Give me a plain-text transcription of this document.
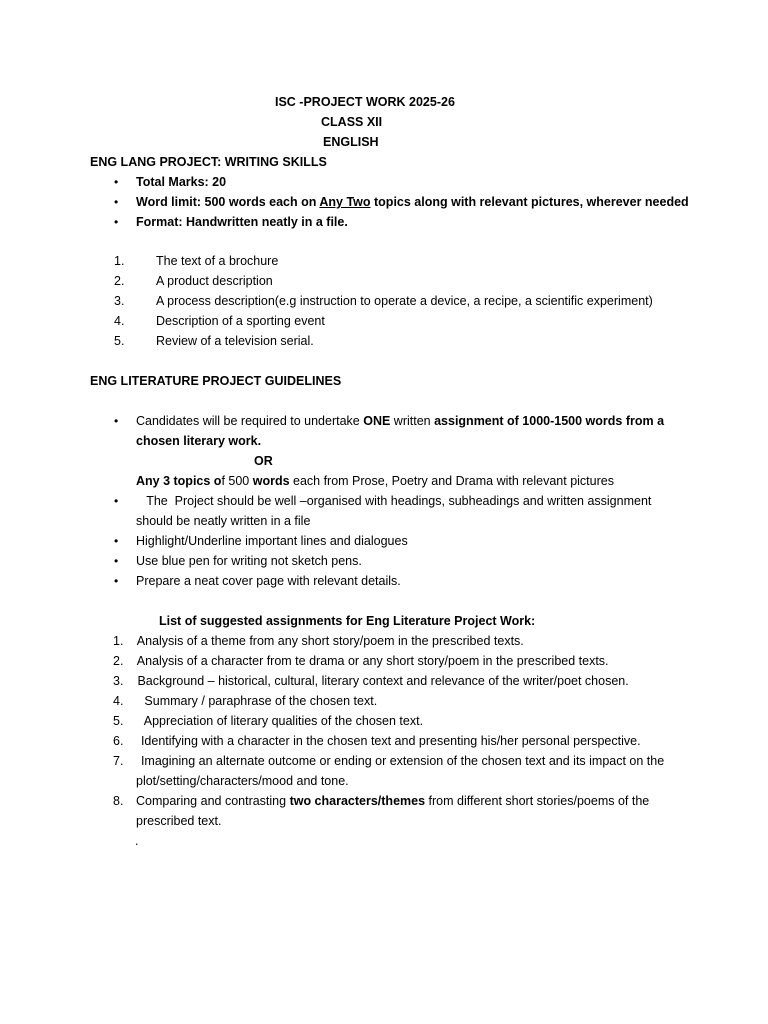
ISC -PROJECT WORK 2025-26
CLASS XII
ENGLISH
ENG LANG PROJECT: WRITING SKILLS
• Total Marks: 20
• Word limit: 500 words each on Any Two topics along with relevant pictures, wherever needed
• Format: Handwritten neatly in a file.
1.	The text of a brochure
2.	A product description
3.	A process description(e.g instruction to operate a device, a recipe, a scientific experiment)
4.	Description of a sporting event
5.	Review of a television serial.
ENG LITERATURE PROJECT GUIDELINES
• Candidates will be required to undertake ONE written assignment of 1000-1500 words from a
chosen literary work.
OR
Any 3 topics of 500 words each from Prose, Poetry and Drama with relevant pictures
• The  Project should be well –organised with headings, subheadings and written assignment
should be neatly written in a file
• Highlight/Underline important lines and dialogues
• Use blue pen for writing not sketch pens.
• Prepare a neat cover page with relevant details.
List of suggested assignments for Eng Literature Project Work:
1. Analysis of a theme from any short story/poem in the prescribed texts.
2. Analysis of a character from te drama or any short story/poem in the prescribed texts.
3. Background – historical, cultural, literary context and relevance of the writer/poet chosen.
4. Summary / paraphrase of the chosen text.
5. Appreciation of literary qualities of the chosen text.
6. Identifying with a character in the chosen text and presenting his/her personal perspective.
7. Imagining an alternate outcome or ending or extension of the chosen text and its impact on the
plot/setting/characters/mood and tone.
8. Comparing and contrasting two characters/themes from different short stories/poems of the
prescribed text.
.
